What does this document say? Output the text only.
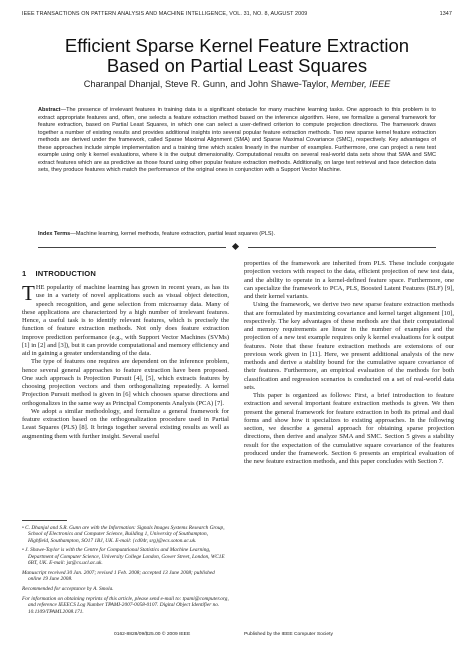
IEEE TRANSACTIONS ON PATTERN ANALYSIS AND MACHINE INTELLIGENCE, VOL. 31, NO. 8, AUGUST 2009	1347
Efficient Sparse Kernel Feature Extraction
Based on Partial Least Squares
Charanpal Dhanjal, Steve R. Gunn, and John Shawe-Taylor, Member, IEEE
Abstract—The presence of irrelevant features in training data is a significant obstacle for many machine learning tasks. One approach to this problem is to extract appropriate features and, often, one selects a feature extraction method based on the inference algorithm. Here, we formalize a general framework for feature extraction, based on Partial Least Squares, in which one can select a user-defined criterion to compute projection directions. The framework draws together a number of existing results and provides additional insights into several popular feature extraction methods. Two new sparse kernel feature extraction methods are derived under the framework, called Sparse Maximal Alignment (SMA) and Sparse Maximal Covariance (SMC), respectively. Key advantages of these approaches include simple implementation and a training time which scales linearly in the number of examples. Furthermore, one can project a new test example using only k kernel evaluations, where k is the output dimensionality. Computational results on several real-world data sets show that SMA and SMC extract features which are as predictive as those found using other popular feature extraction methods. Additionally, on large text retrieval and face detection data sets, they produce features which match the performance of the original ones in conjunction with a Support Vector Machine.
Index Terms—Machine learning, kernel methods, feature extraction, partial least squares (PLS).
1 INTRODUCTION

THE popularity of machine learning has grown in recent years, as has its use in a variety of novel applications such as visual object detection, speech recognition, and gene selection from microarray data. Many of these applications are characterized by a high number of irrelevant features. Hence, a useful task is to identify relevant features, which is precisely the function of feature extraction methods. Not only does feature extraction improve prediction performance (e.g., with Support Vector Machines (SVMs) [1] in [2] and [3]), but it can provide computational and memory efficiency and aid in gaining a greater understanding of the data.

The type of features one requires are dependent on the inference problem, hence several general approaches to feature extraction have been proposed. One such approach is Projection Pursuit [4], [5], which extracts features by choosing projection vectors and then orthogonalizing repeatedly. A kernel Projection Pursuit method is given in [6] which chooses sparse directions and orthogonalizes in the same way as Principal Components Analysis (PCA) [7].

We adopt a similar methodology, and formalize a general framework for feature extraction based on the orthogonalization procedure used in Partial Least Squares (PLS) [8]. It brings together several existing results as well as augmenting them with further insight. Several useful

• C. Dhanjal and S.R. Gunn are with the Information: Signals Images Systems Research Group, School of Electronics and Computer Science, Building 1, University of Southampton, Highfield, Southampton, SO17 1BJ, UK. E-mail: {cd04r, srg}@ecs.soton.ac.uk.
• J. Shawe-Taylor is with the Centre for Computational Statistics and Machine Learning, Department of Computer Science, University College London, Gower Street, London, WC1E 6BT, UK. E-mail: jst@cs.ucl.ac.uk.
Manuscript received 30 Jan. 2007; revised 1 Feb. 2008; accepted 13 June 2008; published online 19 June 2008.
Recommended for acceptance by A. Smola.
For information on obtaining reprints of this article, please send e-mail to: tpami@computer.org, and reference IEEECS Log Number TPAMI-2007-0058-0107. Digital Object Identifier no. 10.1109/TPAMI.2008.171.

properties of the framework are inherited from PLS. These include conjugate projection vectors with respect to the data, efficient projection of new test data, and the ability to operate in a kernel-defined feature space. Furthermore, one can specialize the framework to PCA, PLS, Boosted Latent Features (BLF) [9], and their kernel variants.

Using the framework, we derive two new sparse feature extraction methods that are formulated by maximizing covariance and kernel target alignment [10], respectively. The key advantages of these methods are that their computational and memory requirements are linear in the number of examples and the projection of a new test example requires only k kernel evaluations for k output features. Note that these feature extraction methods are extensions of our previous work given in [11]. Here, we present additional analysis of the new methods and derive a stability bound for the cumulative square covariance of their features. Furthermore, an empirical evaluation of the methods for both classification and regression scenarios is conducted on a set of real-world data sets.

This paper is organized as follows: First, a brief introduction to feature extraction and several important feature extraction methods is given. We then present the general framework for feature extraction in both its primal and dual forms and show how it specializes to existing approaches. In the following section, we describe a general approach for obtaining sparse projection directions, then derive and analyze SMA and SMC. Section 5 gives a stability result for the expectation of the cumulative square covariance of the features produced under the framework. Section 6 presents an empirical evaluation of the new feature extraction methods, and this paper concludes with Section 7.

0162-8828/09/$25.00 © 2009 IEEE	Published by the IEEE Computer Society
